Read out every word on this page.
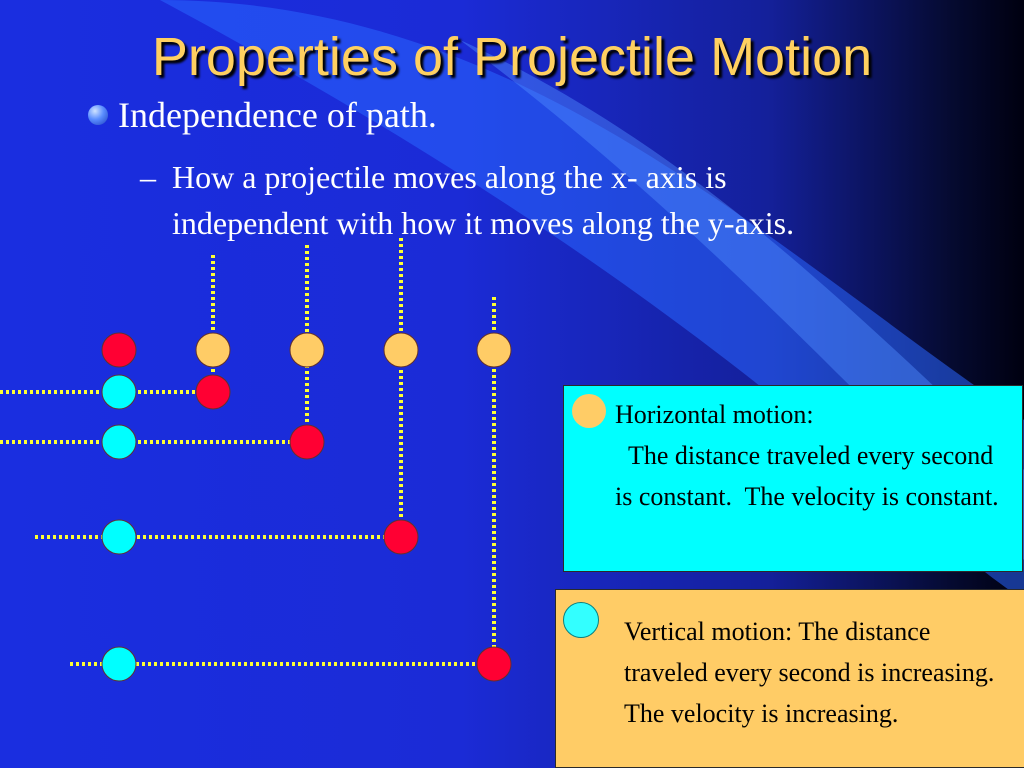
Properties of Projectile Motion
Independence of path.
– How a projectile moves along the x- axis is independent with how it moves along the y-axis.
Horizontal motion:
The distance traveled every second is constant.  The velocity is constant.
Vertical motion: The distance traveled every second is increasing. The velocity is increasing.
